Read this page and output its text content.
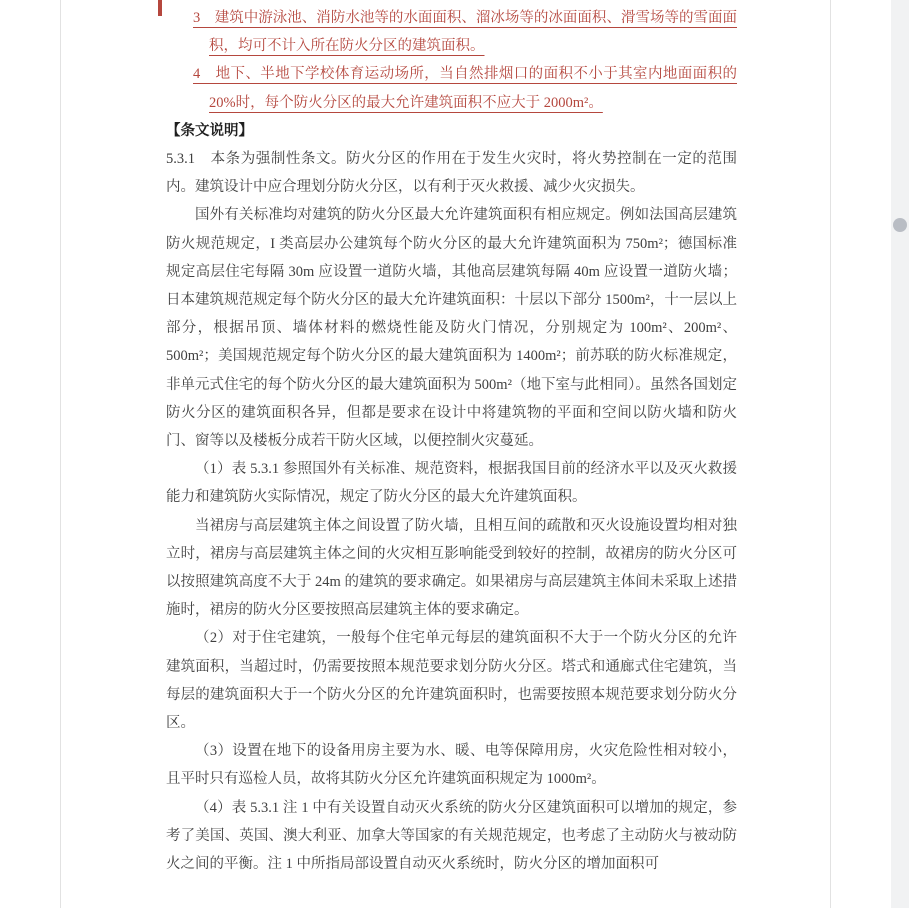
3　建筑中游泳池、消防水池等的水面面积、溜冰场等的冰面面积、滑雪场等的雪面面积，均可不计入所在防火分区的建筑面积。

4　地下、半地下学校体育运动场所，当自然排烟口的面积不小于其室内地面面积的 20%时，每个防火分区的最大允许建筑面积不应大于 2000m²。

【条文说明】

5.3.1　本条为强制性条文。防火分区的作用在于发生火灾时，将火势控制在一定的范围内。建筑设计中应合理划分防火分区，以有利于灭火救援、减少火灾损失。

国外有关标准均对建筑的防火分区最大允许建筑面积有相应规定。例如法国高层建筑防火规范规定，I 类高层办公建筑每个防火分区的最大允许建筑面积为 750m²；德国标准规定高层住宅每隔 30m 应设置一道防火墙，其他高层建筑每隔 40m 应设置一道防火墙；日本建筑规范规定每个防火分区的最大允许建筑面积：十层以下部分 1500m²，十一层以上部分，根据吊顶、墙体材料的燃烧性能及防火门情况，分别规定为 100m²、200m²、500m²；美国规范规定每个防火分区的最大建筑面积为 1400m²；前苏联的防火标准规定，非单元式住宅的每个防火分区的最大建筑面积为 500m²（地下室与此相同）。虽然各国划定防火分区的建筑面积各异，但都是要求在设计中将建筑物的平面和空间以防火墙和防火门、窗等以及楼板分成若干防火区域，以便控制火灾蔓延。

（1）表 5.3.1 参照国外有关标准、规范资料，根据我国目前的经济水平以及灭火救援能力和建筑防火实际情况，规定了防火分区的最大允许建筑面积。

当裙房与高层建筑主体之间设置了防火墙，且相互间的疏散和灭火设施设置均相对独立时，裙房与高层建筑主体之间的火灾相互影响能受到较好的控制，故裙房的防火分区可以按照建筑高度不大于 24m 的建筑的要求确定。如果裙房与高层建筑主体间未采取上述措施时，裙房的防火分区要按照高层建筑主体的要求确定。

（2）对于住宅建筑，一般每个住宅单元每层的建筑面积不大于一个防火分区的允许建筑面积，当超过时，仍需要按照本规范要求划分防火分区。塔式和通廊式住宅建筑，当每层的建筑面积大于一个防火分区的允许建筑面积时，也需要按照本规范要求划分防火分区。

（3）设置在地下的设备用房主要为水、暖、电等保障用房，火灾危险性相对较小，且平时只有巡检人员，故将其防火分区允许建筑面积规定为 1000m²。

（4）表 5.3.1 注 1 中有关设置自动灭火系统的防火分区建筑面积可以增加的规定，参考了美国、英国、澳大利亚、加拿大等国家的有关规范规定，也考虑了主动防火与被动防火之间的平衡。注 1 中所指局部设置自动灭火系统时，防火分区的增加面积可
